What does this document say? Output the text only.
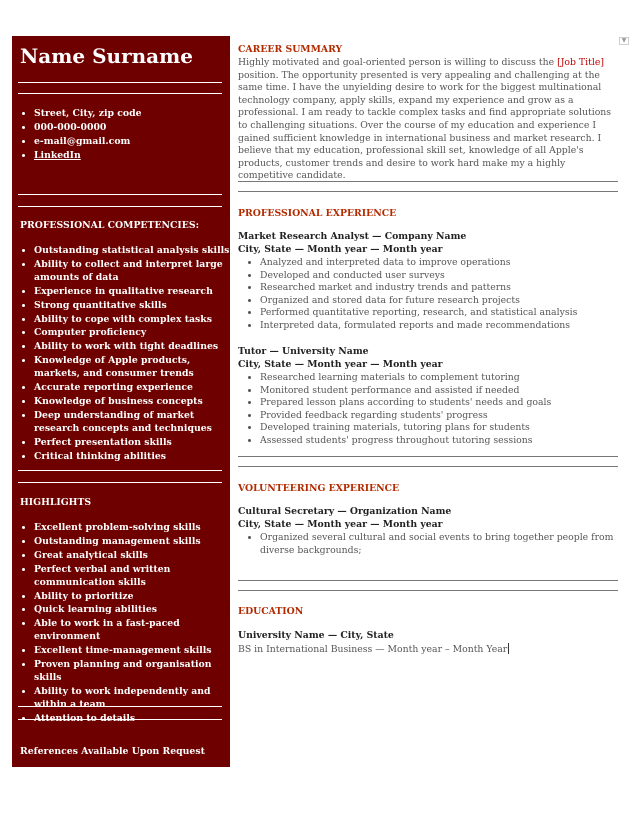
Name Surname
• Street, City, zip code
• 000-000-0000
• e-mail@gmail.com
• LinkedIn

PROFESSIONAL COMPETENCIES:

• Outstanding statistical analysis skills
• Ability to collect and interpret large amounts of data
• Experience in qualitative research
• Strong quantitative skills
• Ability to cope with complex tasks
• Computer proficiency
• Ability to work with tight deadlines
• Knowledge of Apple products, markets, and consumer trends
• Accurate reporting experience
• Knowledge of business concepts
• Deep understanding of market research concepts and techniques
• Perfect presentation skills
• Critical thinking abilities

HIGHLIGHTS

• Excellent problem-solving skills
• Outstanding management skills
• Great analytical skills
• Perfect verbal and written communication skills
• Ability to prioritize
• Quick learning abilities
• Able to work in a fast-paced environment
• Excellent time-management skills
• Proven planning and organisation skills
• Ability to work independently and within a team
• Attention to details

References Available Upon Request

▼

CAREER SUMMARY

Highly motivated and goal-oriented person is willing to discuss the [Job Title] position. The opportunity presented is very appealing and challenging at the same time. I have the unyielding desire to work for the biggest multinational technology company, apply skills, expand my experience and grow as a professional. I am ready to tackle complex tasks and find appropriate solutions to challenging situations. Over the course of my education and experience I gained sufficient knowledge in international business and market research. I believe that my education, professional skill set, knowledge of all Apple's products, customer trends and desire to work hard make my a highly competitive candidate.

PROFESSIONAL EXPERIENCE

Market Research Analyst — Company Name

City, State — Month year — Month year

• Analyzed and interpreted data to improve operations
• Developed and conducted user surveys
• Researched market and industry trends and patterns
• Organized and stored data for future research projects
• Performed quantitative reporting, research, and statistical analysis
• Interpreted data, formulated reports and made recommendations

Tutor — University Name

City, State — Month year — Month year

• Researched learning materials to complement tutoring
• Monitored student performance and assisted if needed
• Prepared lesson plans according to students' needs and goals
• Provided feedback regarding students' progress
• Developed training materials, tutoring plans for students
• Assessed students' progress throughout tutoring sessions

VOLUNTEERING EXPERIENCE

Cultural Secretary — Organization Name

City, State — Month year — Month year

• Organized several cultural and social events to bring together people from diverse backgrounds;

EDUCATION

University Name — City, State

BS in International Business — Month year – Month Year
